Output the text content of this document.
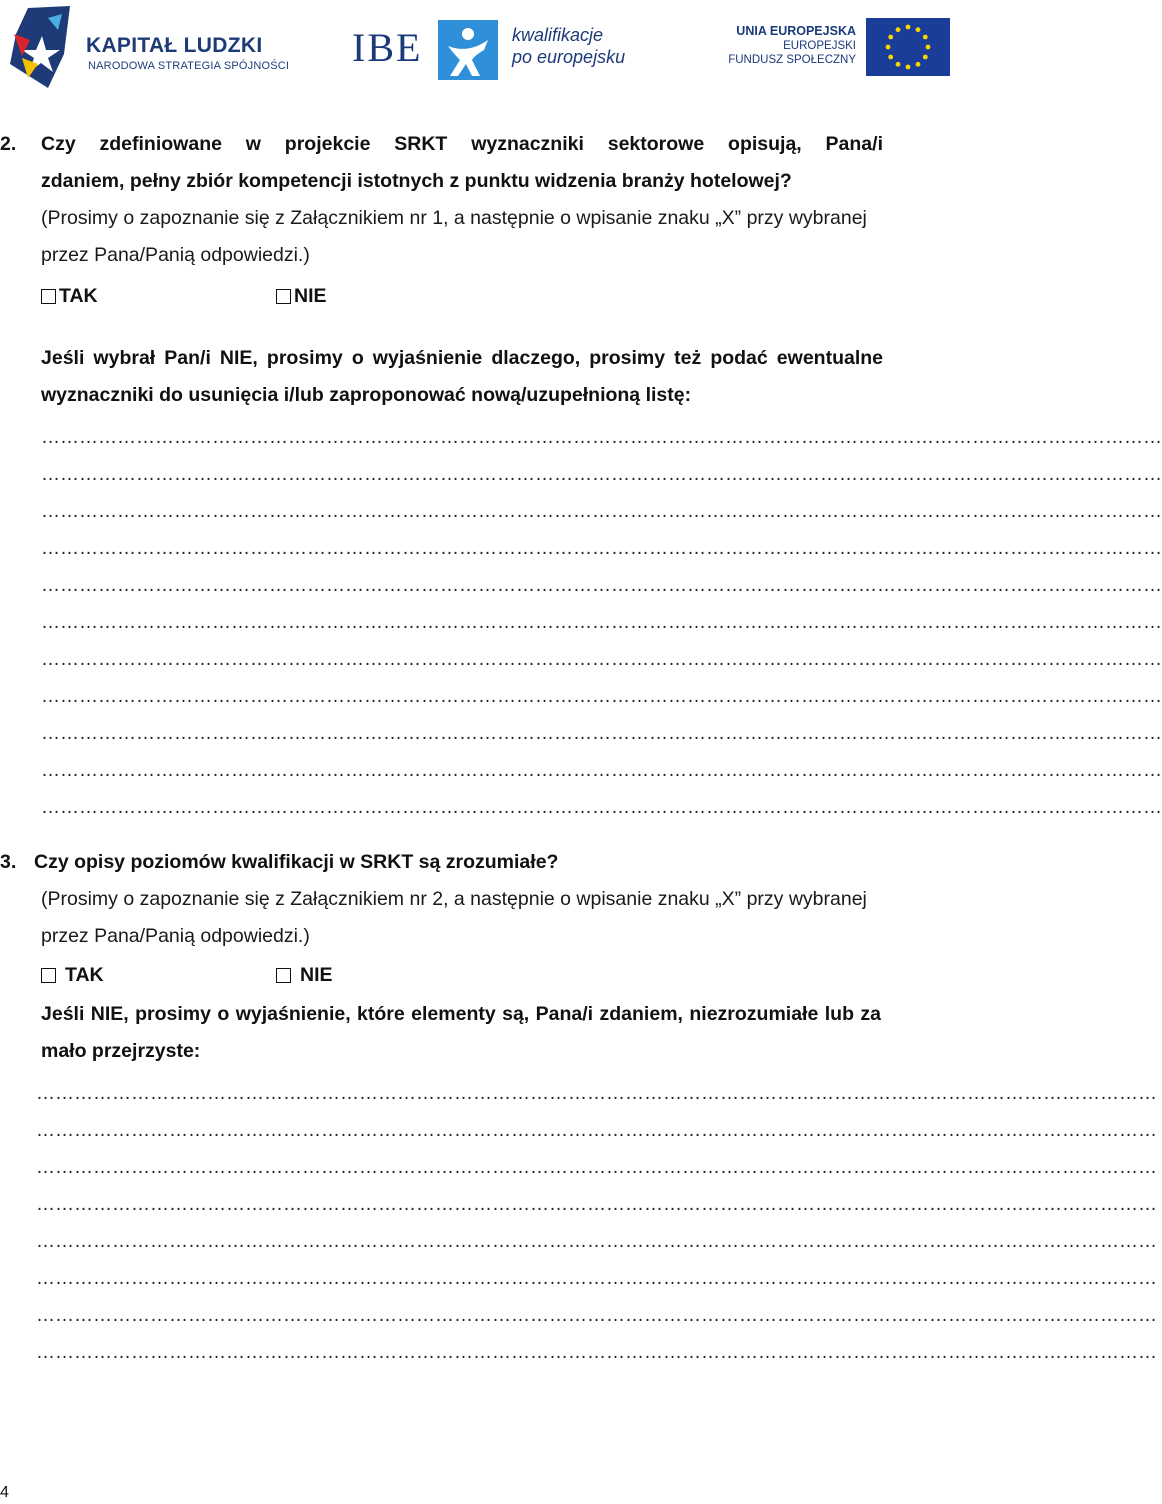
KAPITAŁ LUDZKI
NARODOWA STRATEGIA SPÓJNOŚCI IBE	kwalifikacje
po europejsku
UNIA EUROPEJSKA
EUROPEJSKI
FUNDUSZ SPOŁECZNY
2. Czy zdefiniowane w projekcie SRKT wyznaczniki sektorowe opisują, Pana/i
zdaniem, pełny zbiór kompetencji istotnych z punktu widzenia branży hotelowej?
(Prosimy o zapoznanie się z Załącznikiem nr 1, a następnie o wpisanie znaku „X” przy wybranej przez Pana/Panią odpowiedzi.)
TAK	NIE
Jeśli wybrał Pan/i NIE, prosimy o wyjaśnienie dlaczego, prosimy też podać ewentualne wyznaczniki do usunięcia i/lub zaproponować nową/uzupełnioną listę:
……………………………………………………………………………………………………………………………………………………………
……………………………………………………………………………………………………………………………………………………………
……………………………………………………………………………………………………………………………………………………………
……………………………………………………………………………………………………………………………………………………………
……………………………………………………………………………………………………………………………………………………………
……………………………………………………………………………………………………………………………………………………………
……………………………………………………………………………………………………………………………………………………………
……………………………………………………………………………………………………………………………………………………………
……………………………………………………………………………………………………………………………………………………………
……………………………………………………………………………………………………………………………………………………………
……………………………………………………………………………………………………………………………………………………………
3. Czy opisy poziomów kwalifikacji w SRKT są zrozumiałe?
(Prosimy o zapoznanie się z Załącznikiem nr 2, a następnie o wpisanie znaku „X” przy wybranej przez Pana/Panią odpowiedzi.)
TAK	NIE
Jeśli NIE, prosimy o wyjaśnienie, które elementy są, Pana/i zdaniem, niezrozumiałe lub za mało przejrzyste:
……………………………………………………………………………………………………………………………………………………………
……………………………………………………………………………………………………………………………………………………………
……………………………………………………………………………………………………………………………………………………………
……………………………………………………………………………………………………………………………………………………………
……………………………………………………………………………………………………………………………………………………………
……………………………………………………………………………………………………………………………………………………………
……………………………………………………………………………………………………………………………………………………………
……………………………………………………………………………………………………………………………………………………………
4
